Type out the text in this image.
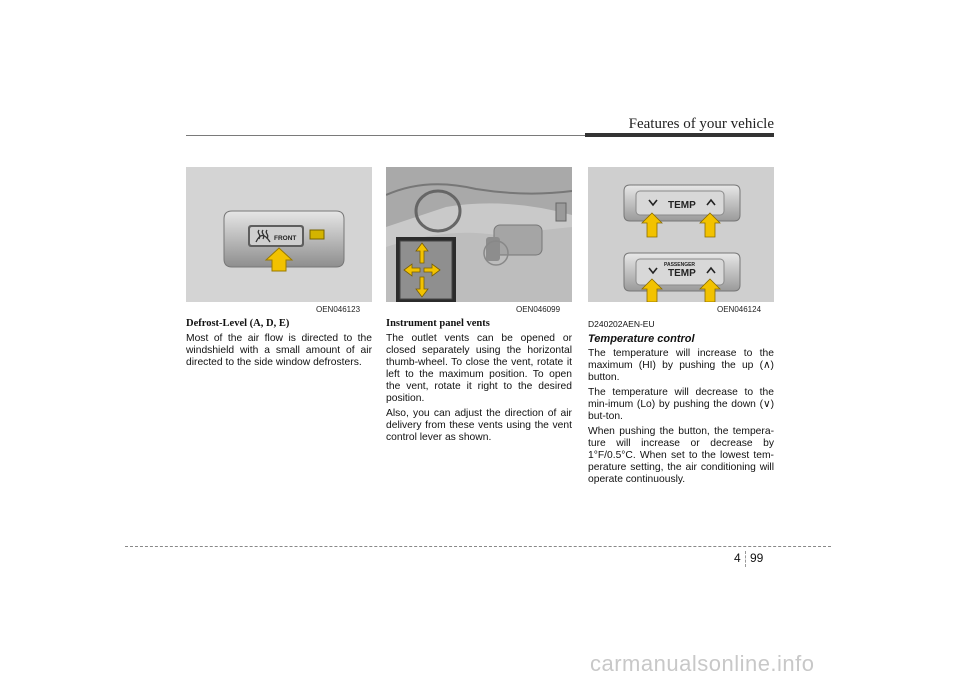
Features of your vehicle
FRONT
OEN046123	OEN046099
TEMP
PASSENGER
TEMP
OEN046124

Defrost-Level (A, D, E)

Most of the air flow is directed to the windshield with a small amount of air directed to the side window defrosters.

Instrument panel vents

The outlet vents can be opened or closed separately using the horizontal thumb-wheel. To close the vent, rotate it left to the maximum position. To open the vent, rotate it right to the desired position.

Also, you can adjust the direction of air delivery from these vents using the vent control lever as shown.

D240202AEN-EU

Temperature control

The temperature will increase to the maximum (HI) by pushing the up (∧) button.

The temperature will decrease to the min-imum (Lo) by pushing the down (∨) but-ton.

When pushing the button, the tempera-ture will increase or decrease by 1°F/0.5°C. When set to the lowest tem-perature setting, the air conditioning will operate continuously.

4 99
carmanualsonline.info
